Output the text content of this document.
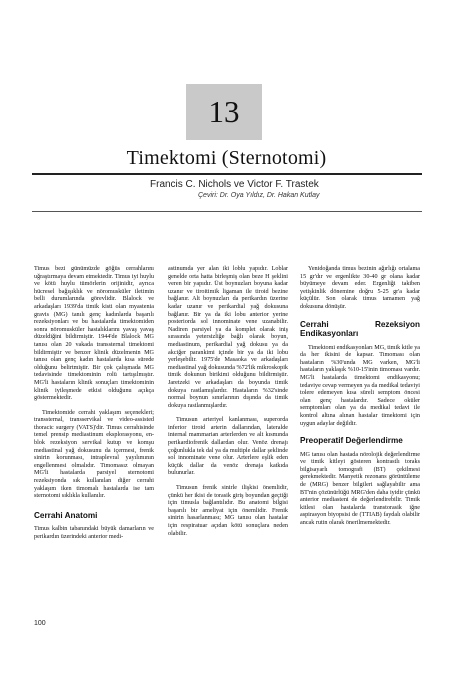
13
Timektomi (Sternotomi)
Francis C. Nichols ve Victor F. Trastek
Çeviri: Dr. Oya Yıldız, Dr. Hakan Kutlay

Timus bezi günümüzde göğüs cerrahlarını uğraştırmaya devam etmektedir. Timus iyi huylu ve kötü huylu tümörlerin orijinidir, ayrıca hücresel bağışıklık ve nöromusküler iletimin belli durumlarında görevlidir. Blalock ve arkadaşları 1939'da timik kisti olan myastenia gravis (MG) tanılı genç kadınlarda başarılı rezeksiyonları ve bu hastalarda timektomiden sonra nöromusküler hastalıklarını yavaş yavaş düzeldiğini bildirmiştir. 1944'de Blalock MG tanısı olan 20 vakada transsternal timektomi bildirmiştir ve benzer klinik düzelmenin MG tanısı olan genç kadın hastalarda kısa sürede olduğunu belirtmiştir. Bir çok çalışmada MG tedavisinde timektominin rolü tartışılmıştır. MG'li hastaların klinik sonuçları timektominin klinik iyileşmede etkisi olduğunu açıkça göstermektedir.

Timektomide cerrahi yaklaşım seçenekleri; transsternal, transservikal ve video-assisted thoracic surgery (VATS)'dir. Timus cerrahisinde temel prensip mediastinum eksplorasyonu, en-blok rezeksiyon servikal kutup ve komşu mediastinal yağ dokusunu da içermesi, frenik sinirin korunması, intraplevral yayılımının engellenmesi olmalıdır. Timomasız olmayan MG'li hastalarda parsiyel sternotomi rezeksiyonda sık kullanılan diğer cerrahi yaklaşım iken timomalı hastalarda ise tam sternotomi sıklıkla kullanılır.

Cerrahi Anatomi

Timus kalbin tabanındaki büyük damarların ve perikardın üzerindeki anterior medi-

astinumda yer alan iki loblu yapıdır. Loblar genelde orta hatta birleşmiş olan beze H şeklini veren bir yapıdır. Üst boynuzları boyuna kadar uzanır ve tiroitimik ligaman ile tiroid bezine bağlanır. Alt boynuzları da perikardın üzerine kadar uzanır ve perikardial yağ dokusuna bağlanır. Bir ya da iki lobu anterior yerine posteriorda sol innominate vene uzanabilir. Nadiren parsiyel ya da komplet olarak iniş sırasında yetersizliğe bağlı olarak boyun, mediastinum, perikardial yağ dokusu ya da akciğer parankimi içinde bir ya da iki lobu yerleşebilir. 1975'de Masaoka ve arkadaşları mediastinal yağ dokusunda %72'lik mikroskopik timik dokunun birikimi olduğunu bildirmiştir. Jaretzeki ve arkadaşları da boyunda timik dokuya rastlamışlardır. Hastaların %32'sinde normal boynun sınırlarının dışında da timik dokuya rastlanmışlardır.

Timusun arteriyel kanlanması, superorda inferior tiroid arterin dallarından, lateralde internal mammarian arterlerden ve alt kısmında perikardiofrenik dallardan olur. Venöz drenajı çoğunlukla tek dal ya da multiple dallar şeklinde sol innominate vene olur. Arterlere eşlik eden küçük dallar da venöz drenaja katkıda bulunurlar.

Timusun frenik sinirle ilişkisi önemlidir, çünkü her ikisi de torasik giriş boyundan geçtiği için timusla bağlantılıdır. Bu anatomi bilgisi başarılı bir ameliyat için önemlidir. Frenik sinirin hasarlanması; MG tanısı olan hastalar için respiratuar açıdan kötü sonuçlara neden olabilir.

Yenidoğanda timus bezinin ağırlığı ortalama 15 gr'dır ve ergenlikte 30-40 gr olana kadar büyümeye devam eder. Ergenliği takiben yetişkinlik dönemine doğru 5-25 gr'a kadar küçülür. Son olarak timus tamamen yağ dokusuna dönüşür.

Cerrahi Rezeksiyon Endikasyonları

Timektomi endikasyonları MG, timik kitle ya da her ikisini de kapsar. Timoması olan hastaların %30'unda MG varken, MG'li hastaların yaklaşık %10-15'inin timoması vardır. MG'li hastalarda timektomi endikasyonu; tedaviye cevap vermeyen ya da medikal tedaviyi tolere edemeyen kısa süreli semptom öncesi olan genç hastalardır. Sadece oküler semptomları olan ya da medikal tedavi ile kontrol altına alınan hastalar timektomi için uygun adaylar değildir.

Preoperatif Değerlendirme

MG tanısı olan hastada nörolojik değerlendirme ve timik kitleyi gösteren kontrastlı toraks bilgisayarlı tomografi (BT) çekilmesi gerekmektedir. Manyetik rezonans görüntüleme de (MRG) benzer bilgileri sağlayabilir ama BT'nin çözünürlüğü MRG'den daha iyidir çünkü anterior mediasteni de değerlendirebilir. Timik kitlesi olan hastalarda transtorasik iğne aspirasyon biyopsisi de (TTIAB) faydalı olabilir ancak rutin olarak önerilmemektedir.

100
